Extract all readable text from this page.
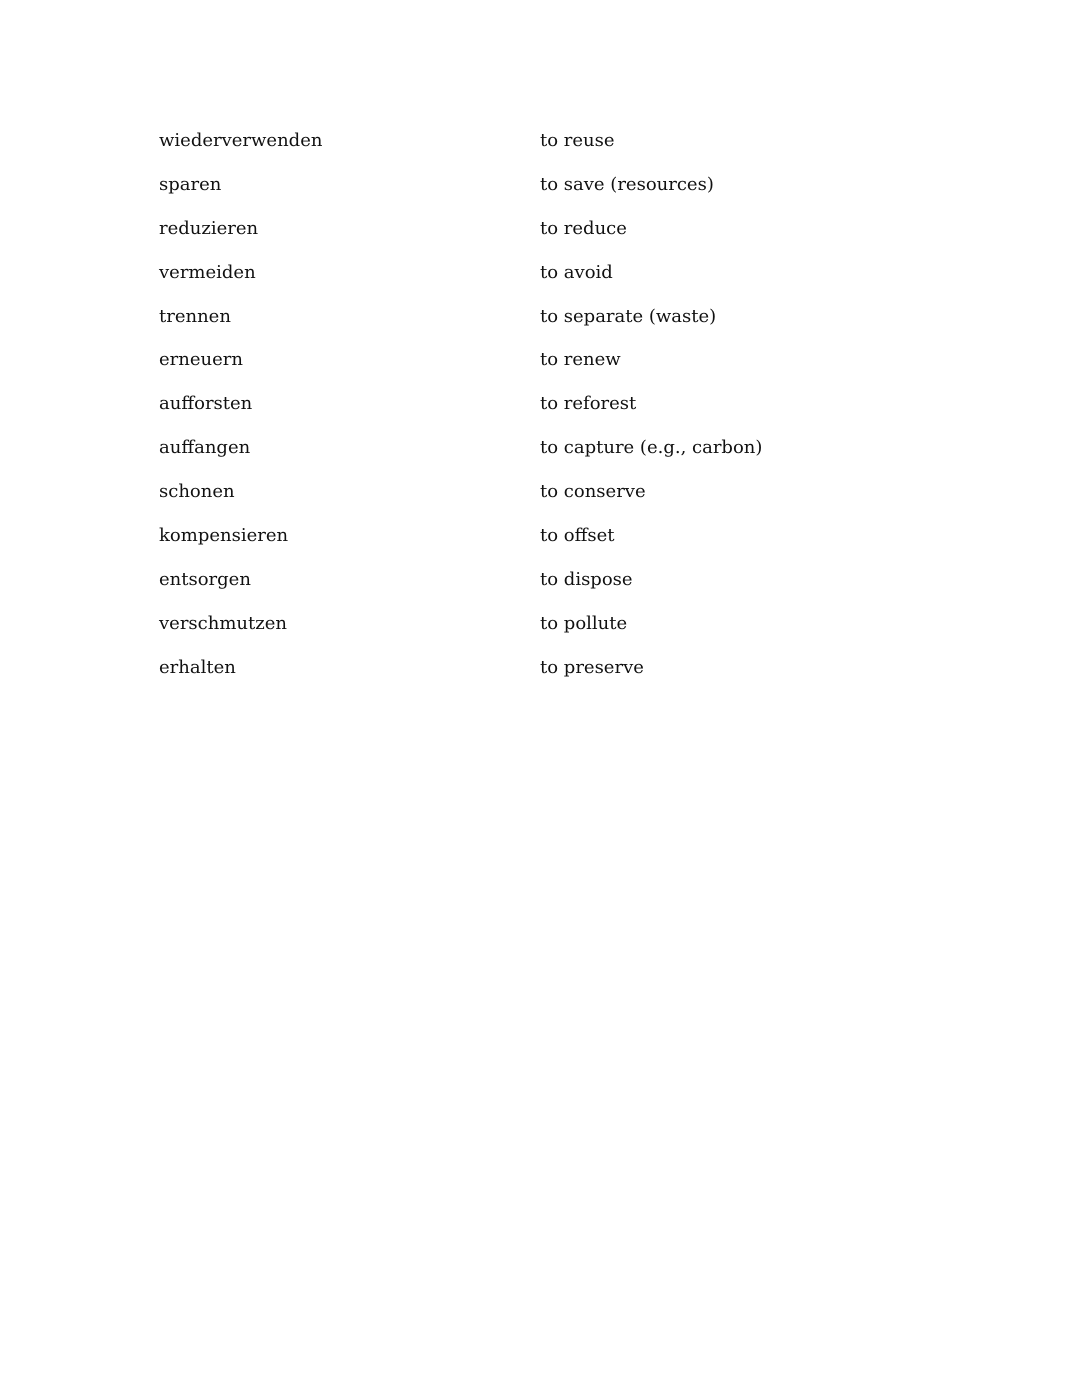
wiederverwenden	to reuse
sparen	to save (resources)
reduzieren	to reduce
vermeiden	to avoid
trennen	to separate (waste)
erneuern	to renew
aufforsten	to reforest
auffangen	to capture (e.g., carbon)
schonen	to conserve
kompensieren	to offset
entsorgen	to dispose
verschmutzen	to pollute
erhalten	to preserve
